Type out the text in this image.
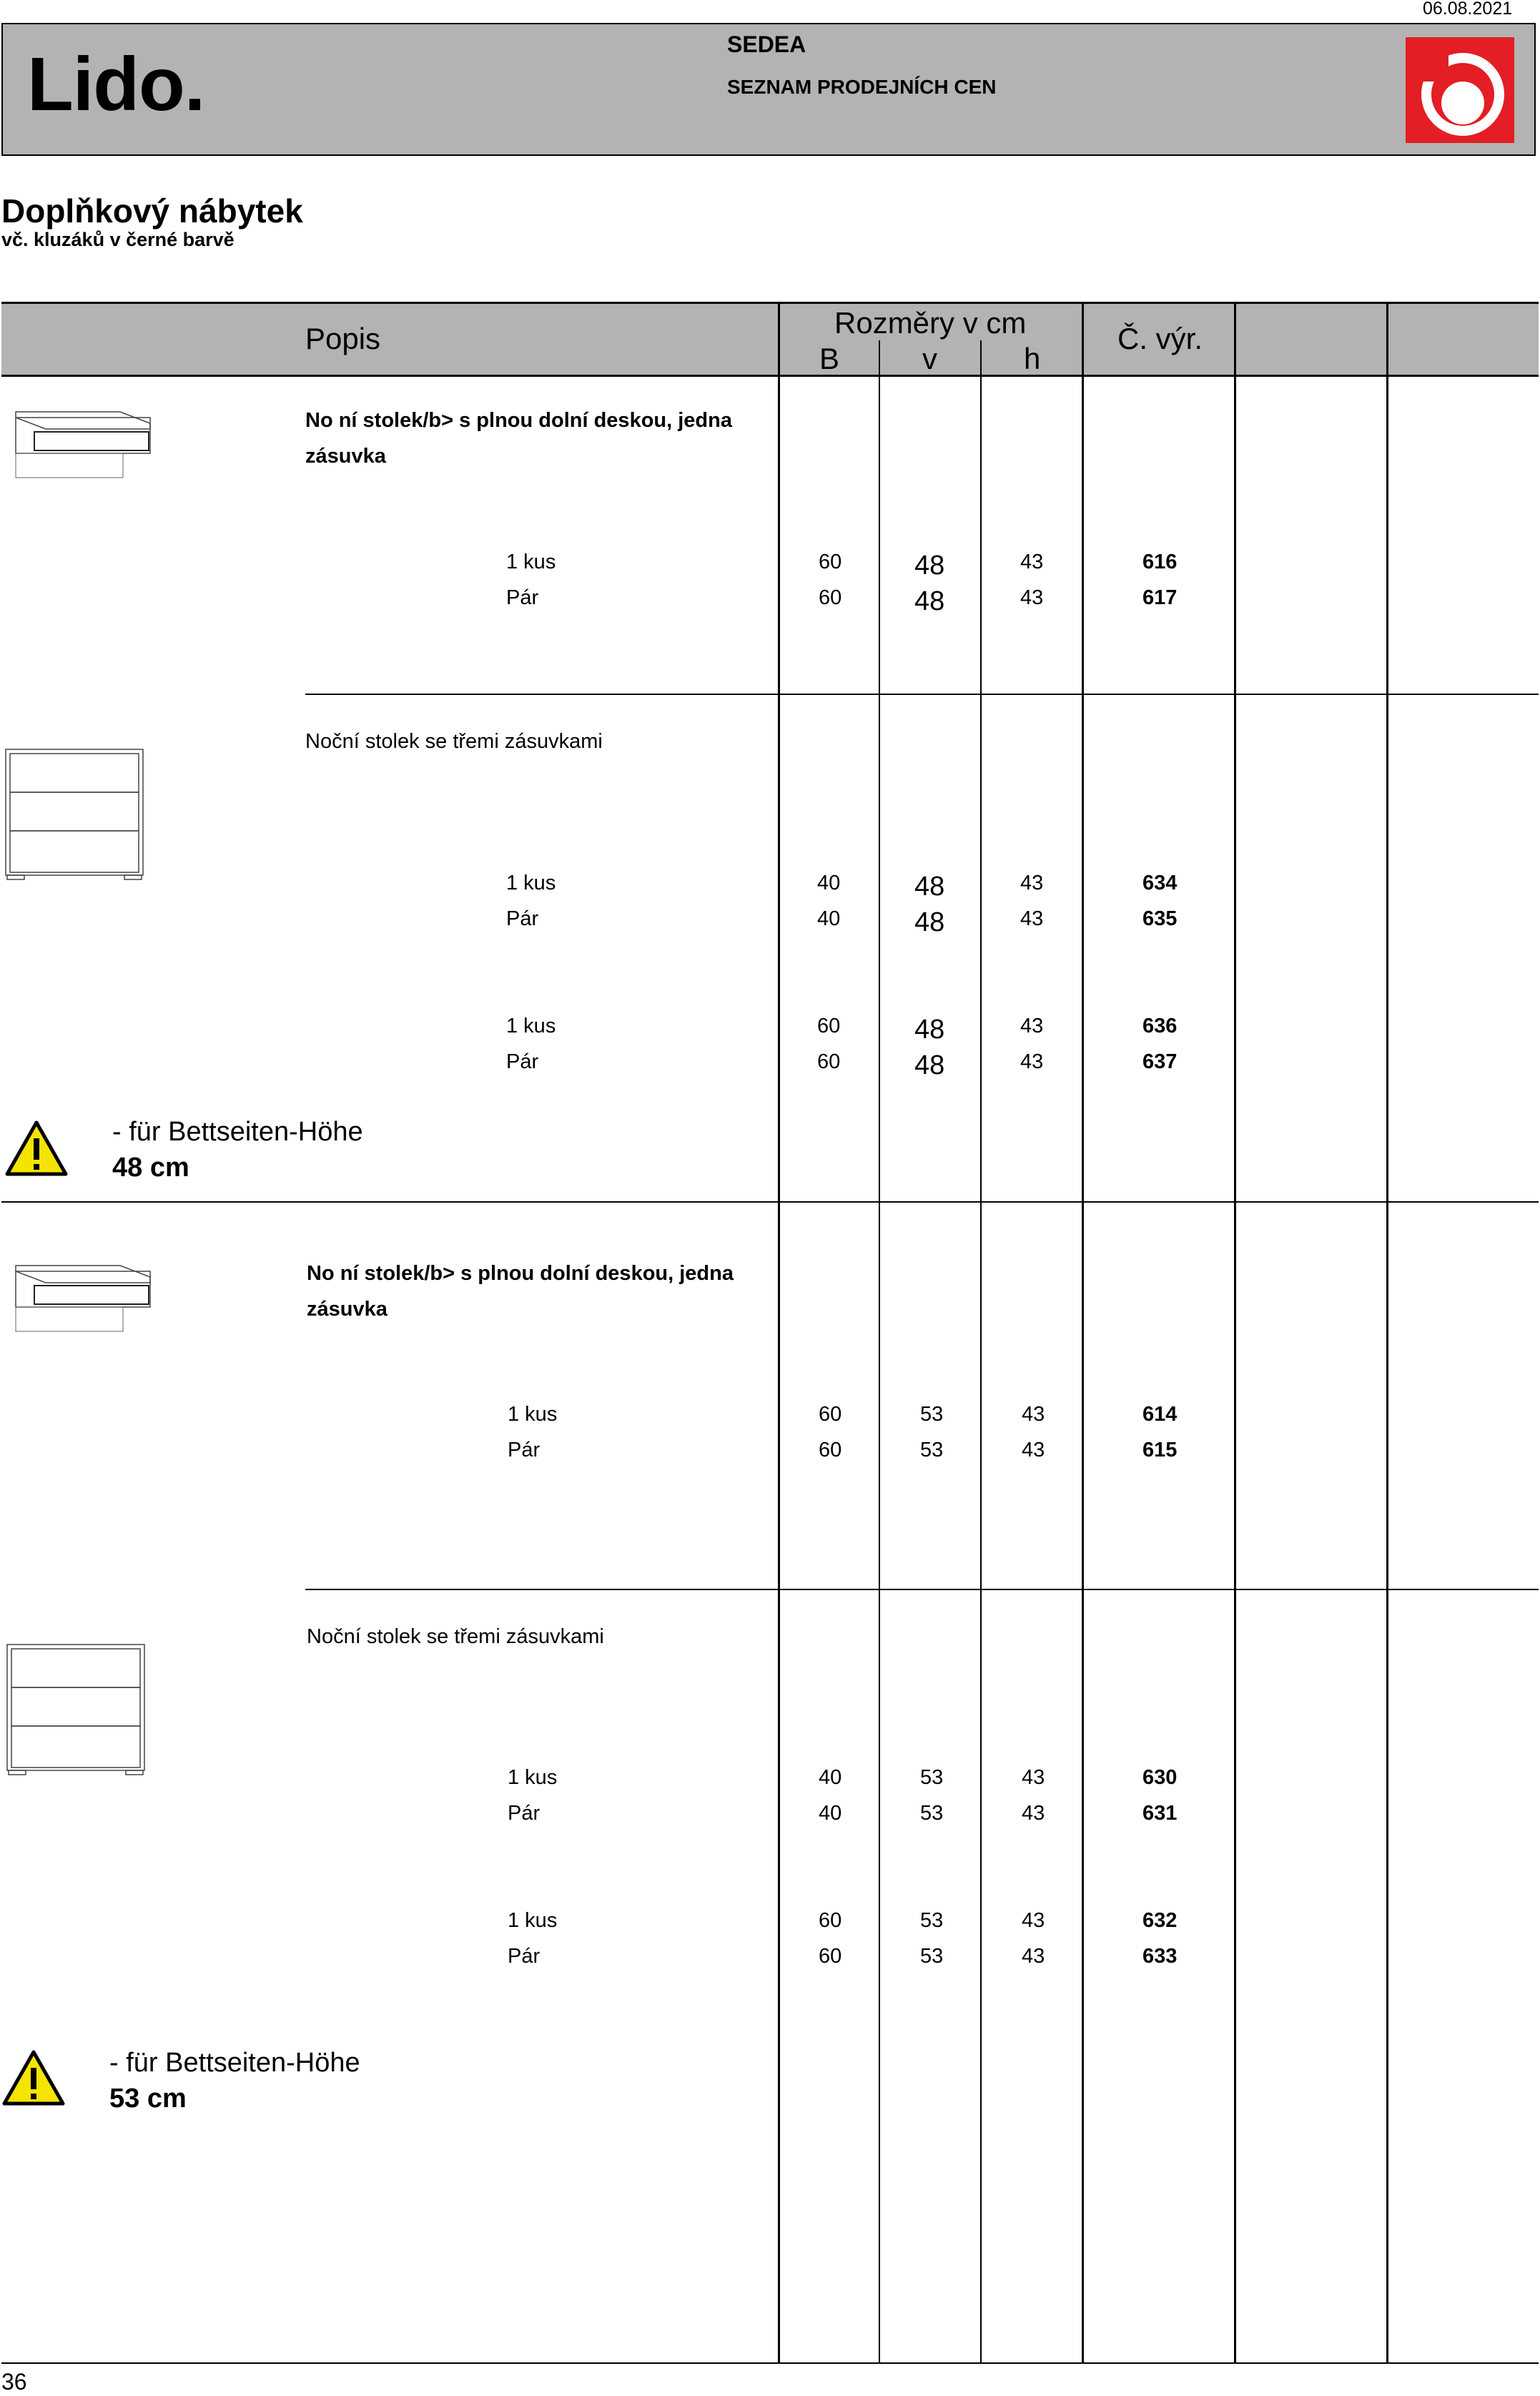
06.08.2021
Lido.	SEDEA
SEZNAM PRODEJNÍCH CEN
Doplňkový nábytek
vč. kluzáků v černé barvě
Popis	Rozměry v cm
B	v	h
Č. výr.
No ní stolek/b> s plnou dolní deskou, jedna zásuvka
1 kus	60	48	43	616
Pár	60	48	43	617
Noční stolek se třemi zásuvkami
1 kus	40	48	43	634
Pár	40	48	43	635
1 kus	60	48	43	636
Pár	60	48	43	637
- für Bettseiten-Höhe
48 cm
No ní stolek/b> s plnou dolní deskou, jedna zásuvka
1 kus	60	53	43	614
Pár	60	53	43	615
Noční stolek se třemi zásuvkami
1 kus	40	53	43	630
Pár	40	53	43	631
1 kus	60	53	43	632
Pár	60	53	43	633
- für Bettseiten-Höhe
53 cm
36
